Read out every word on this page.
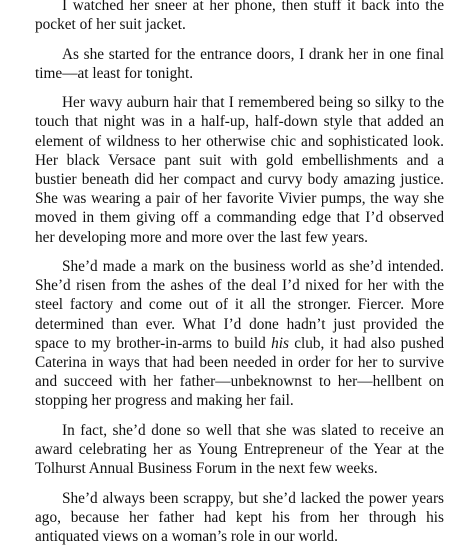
I watched her sneer at her phone, then stuff it back into the pocket of her suit jacket.

As she started for the entrance doors, I drank her in one final time—at least for tonight.

Her wavy auburn hair that I remembered being so silky to the touch that night was in a half-up, half-down style that added an element of wildness to her otherwise chic and sophisticated look. Her black Versace pant suit with gold embellishments and a bustier beneath did her compact and curvy body amazing justice. She was wearing a pair of her favorite Vivier pumps, the way she moved in them giving off a commanding edge that I’d observed her developing more and more over the last few years.

She’d made a mark on the business world as she’d intended. She’d risen from the ashes of the deal I’d nixed for her with the steel factory and come out of it all the stronger. Fiercer. More determined than ever. What I’d done hadn’t just provided the space to my brother-in-arms to build his club, it had also pushed Caterina in ways that had been needed in order for her to survive and succeed with her father—unbeknownst to her—hellbent on stopping her progress and making her fail.

In fact, she’d done so well that she was slated to receive an award celebrating her as Young Entrepreneur of the Year at the Tolhurst Annual Business Forum in the next few weeks.

She’d always been scrappy, but she’d lacked the power years ago, because her father had kept his from her through his antiquated views on a woman’s role in our world.
